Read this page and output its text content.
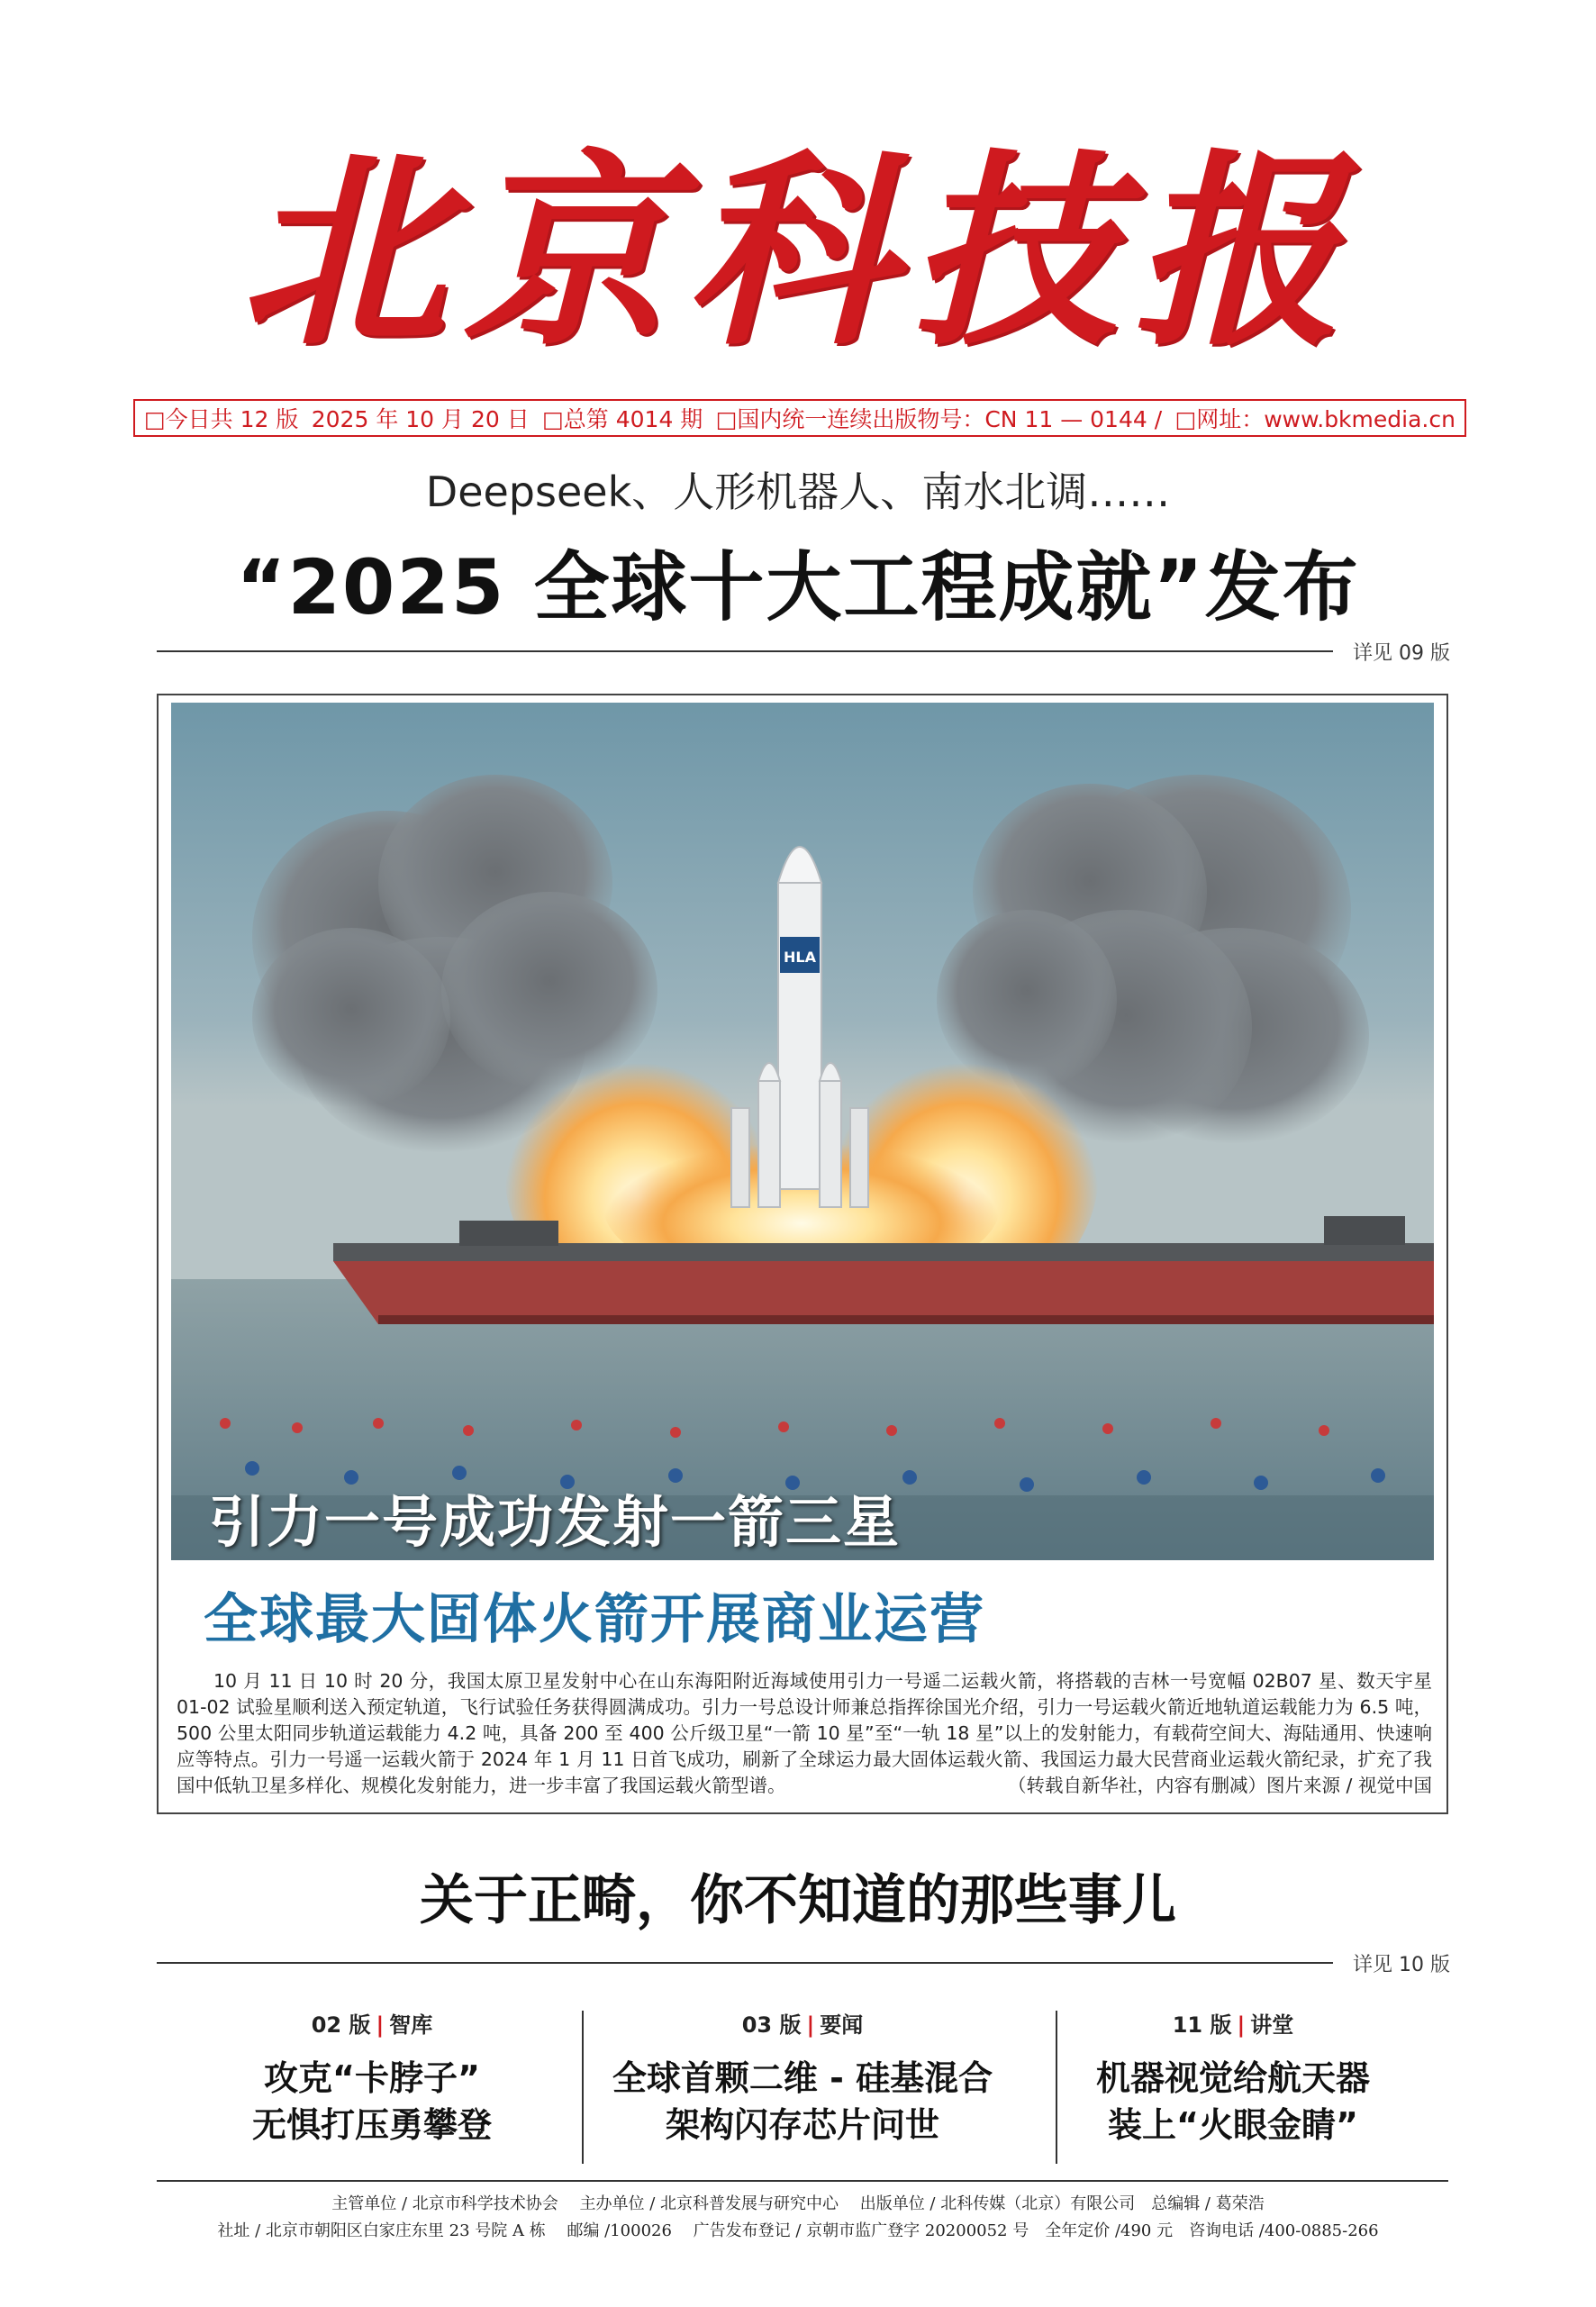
北京科技报
□今日共 12 版 2025 年 10 月 20 日 □总第 4014 期 □国内统一连续出版物号：CN 11 — 0144 / □网址：www.bkmedia.cn
Deepseek、人形机器人、南水北调……
“2025 全球十大工程成就”发布
详见 09 版
HLA
引力一号成功发射一箭三星
全球最大固体火箭开展商业运营
10 月 11 日 10 时 20 分，我国太原卫星发射中心在山东海阳附近海域使用引力一号遥二运载火箭，将搭载的吉林一号宽幅 02B07 星、数天宇星 01-02 试验星顺利送入预定轨道，飞行试验任务获得圆满成功。引力一号总设计师兼总指挥徐国光介绍，引力一号运载火箭近地轨道运载能力为 6.5 吨，500 公里太阳同步轨道运载能力 4.2 吨，具备 200 至 400 公斤级卫星“一箭 10 星”至“一轨 18 星”以上的发射能力，有载荷空间大、海陆通用、快速响应等特点。引力一号遥一运载火箭于 2024 年 1 月 11 日首飞成功，刷新了全球运力最大固体运载火箭、我国运力最大民营商业运载火箭纪录，扩充了我国中低轨卫星多样化、规模化发射能力，进一步丰富了我国运载火箭型谱。	（转载自新华社，内容有删减）图片来源 / 视觉中国
关于正畸，你不知道的那些事儿
详见 10 版
02 版 | 智库
攻克“卡脖子”
无惧打压勇攀登
03 版 | 要闻
全球首颗二维 - 硅基混合
架构闪存芯片问世
11 版 | 讲堂
机器视觉给航天器
装上“火眼金睛”
主管单位 / 北京市科学技术协会　 主办单位 / 北京科普发展与研究中心　 出版单位 / 北科传媒（北京）有限公司　总编辑 / 葛荣浩
社址 / 北京市朝阳区白家庄东里 23 号院 A 栋　 邮编 /100026　 广告发布登记 / 京朝市监广登字 20200052 号　全年定价 /490 元　咨询电话 /400-0885-266
